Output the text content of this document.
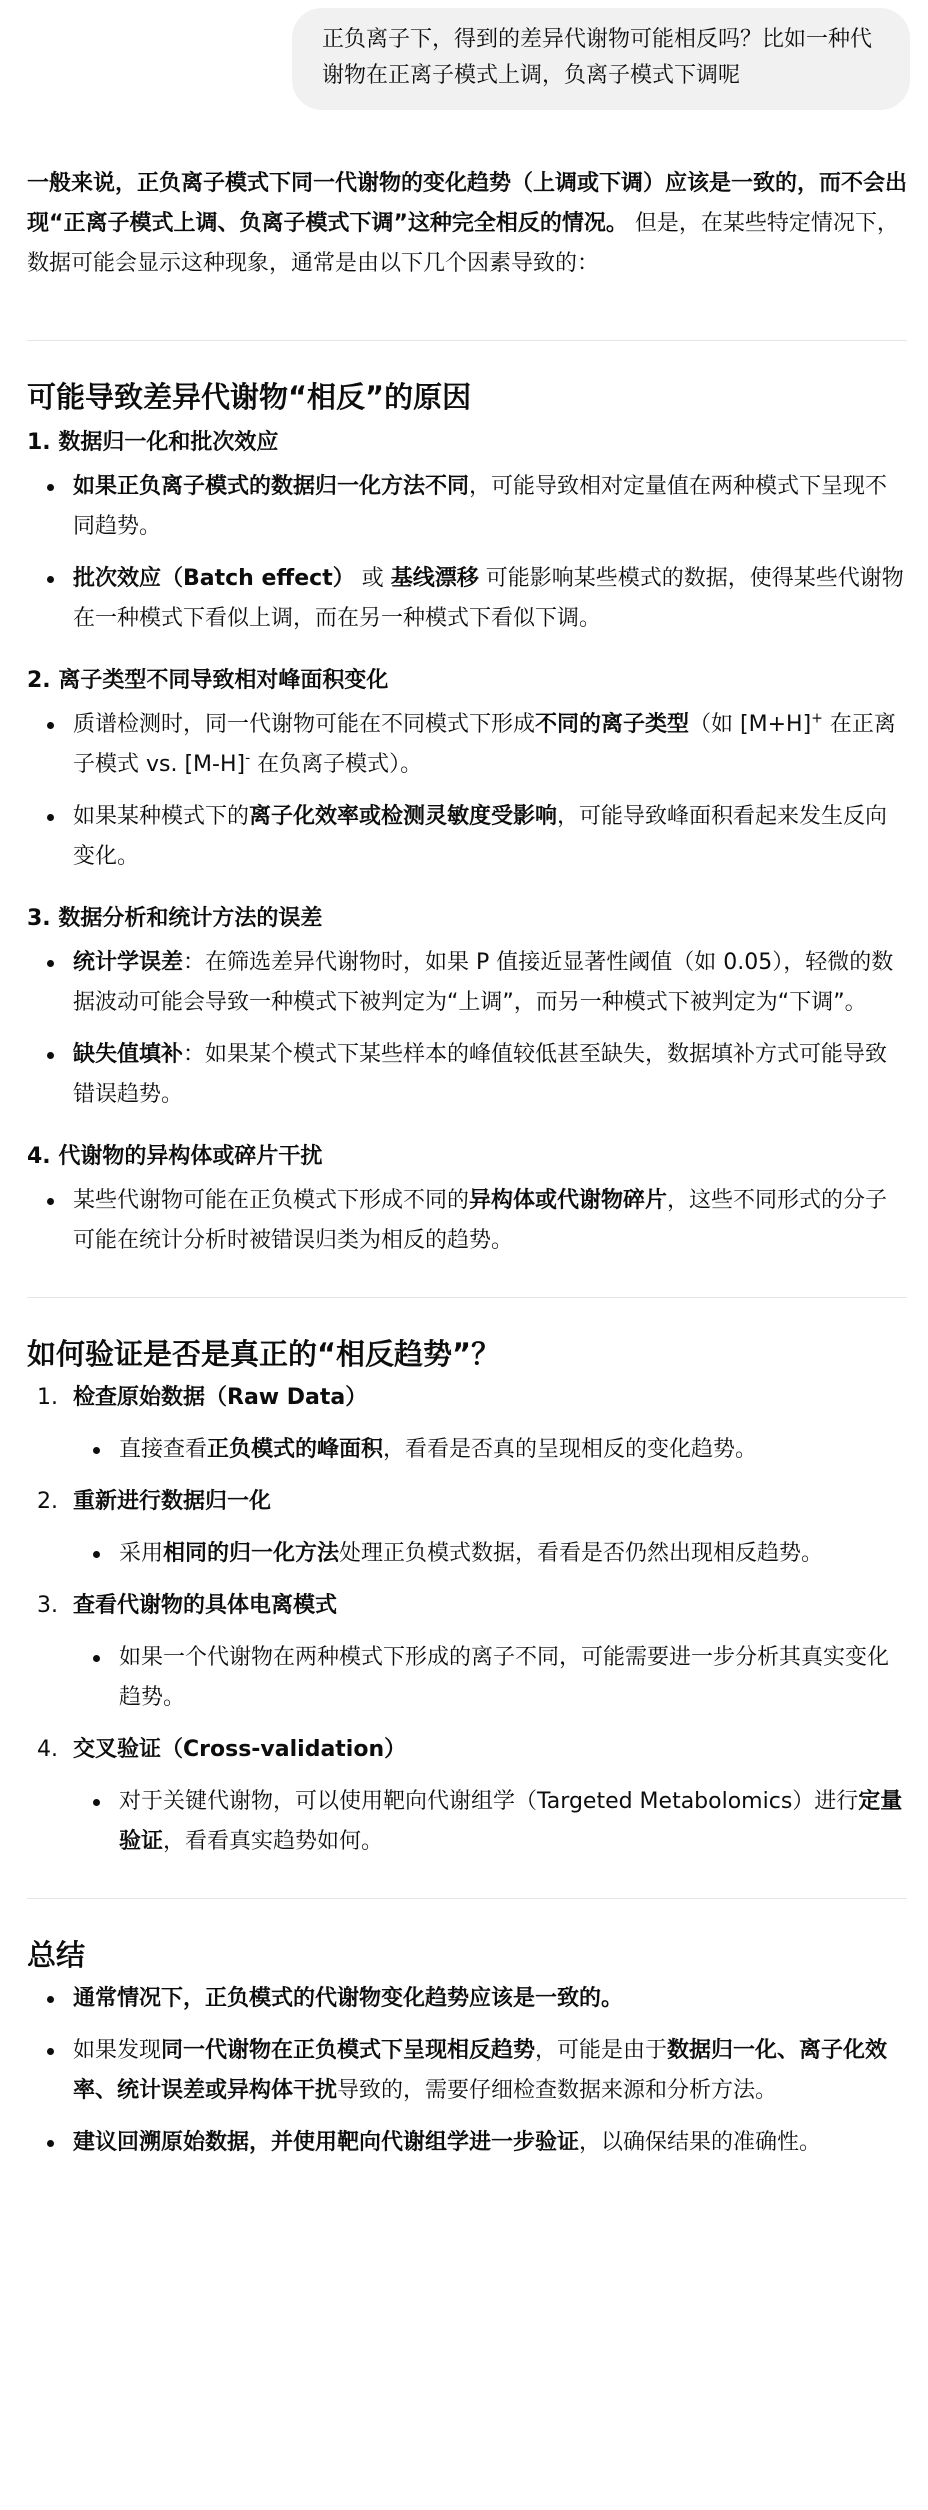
正负离子下，得到的差异代谢物可能相反吗？比如一种代谢物在正离子模式上调，负离子模式下调呢

一般来说，正负离子模式下同一代谢物的变化趋势（上调或下调）应该是一致的，而不会出现“正离子模式上调、负离子模式下调”这种完全相反的情况。 但是，在某些特定情况下，数据可能会显示这种现象，通常是由以下几个因素导致的：

可能导致差异代谢物“相反”的原因
1. 数据归一化和批次效应
如果正负离子模式的数据归一化方法不同，可能导致相对定量值在两种模式下呈现不同趋势。
批次效应（Batch effect） 或 基线漂移 可能影响某些模式的数据，使得某些代谢物在一种模式下看似上调，而在另一种模式下看似下调。
2. 离子类型不同导致相对峰面积变化
质谱检测时，同一代谢物可能在不同模式下形成不同的离子类型（如 [M+H]+ 在正离子模式 vs. [M-H]- 在负离子模式）。
如果某种模式下的离子化效率或检测灵敏度受影响，可能导致峰面积看起来发生反向变化。
3. 数据分析和统计方法的误差
统计学误差：在筛选差异代谢物时，如果 P 值接近显著性阈值（如 0.05），轻微的数据波动可能会导致一种模式下被判定为“上调”，而另一种模式下被判定为“下调”。
缺失值填补：如果某个模式下某些样本的峰值较低甚至缺失，数据填补方式可能导致错误趋势。
4. 代谢物的异构体或碎片干扰
某些代谢物可能在正负模式下形成不同的异构体或代谢物碎片，这些不同形式的分子可能在统计分析时被错误归类为相反的趋势。
如何验证是否是真正的“相反趋势”？
1. 检查原始数据（Raw Data）
直接查看正负模式的峰面积，看看是否真的呈现相反的变化趋势。
2. 重新进行数据归一化
采用相同的归一化方法处理正负模式数据，看看是否仍然出现相反趋势。
3. 查看代谢物的具体电离模式
如果一个代谢物在两种模式下形成的离子不同，可能需要进一步分析其真实变化趋势。
4. 交叉验证（Cross-validation）
对于关键代谢物，可以使用靶向代谢组学（Targeted Metabolomics）进行定量验证，看看真实趋势如何。
总结
通常情况下，正负模式的代谢物变化趋势应该是一致的。
如果发现同一代谢物在正负模式下呈现相反趋势，可能是由于数据归一化、离子化效率、统计误差或异构体干扰导致的，需要仔细检查数据来源和分析方法。
建议回溯原始数据，并使用靶向代谢组学进一步验证，以确保结果的准确性。
